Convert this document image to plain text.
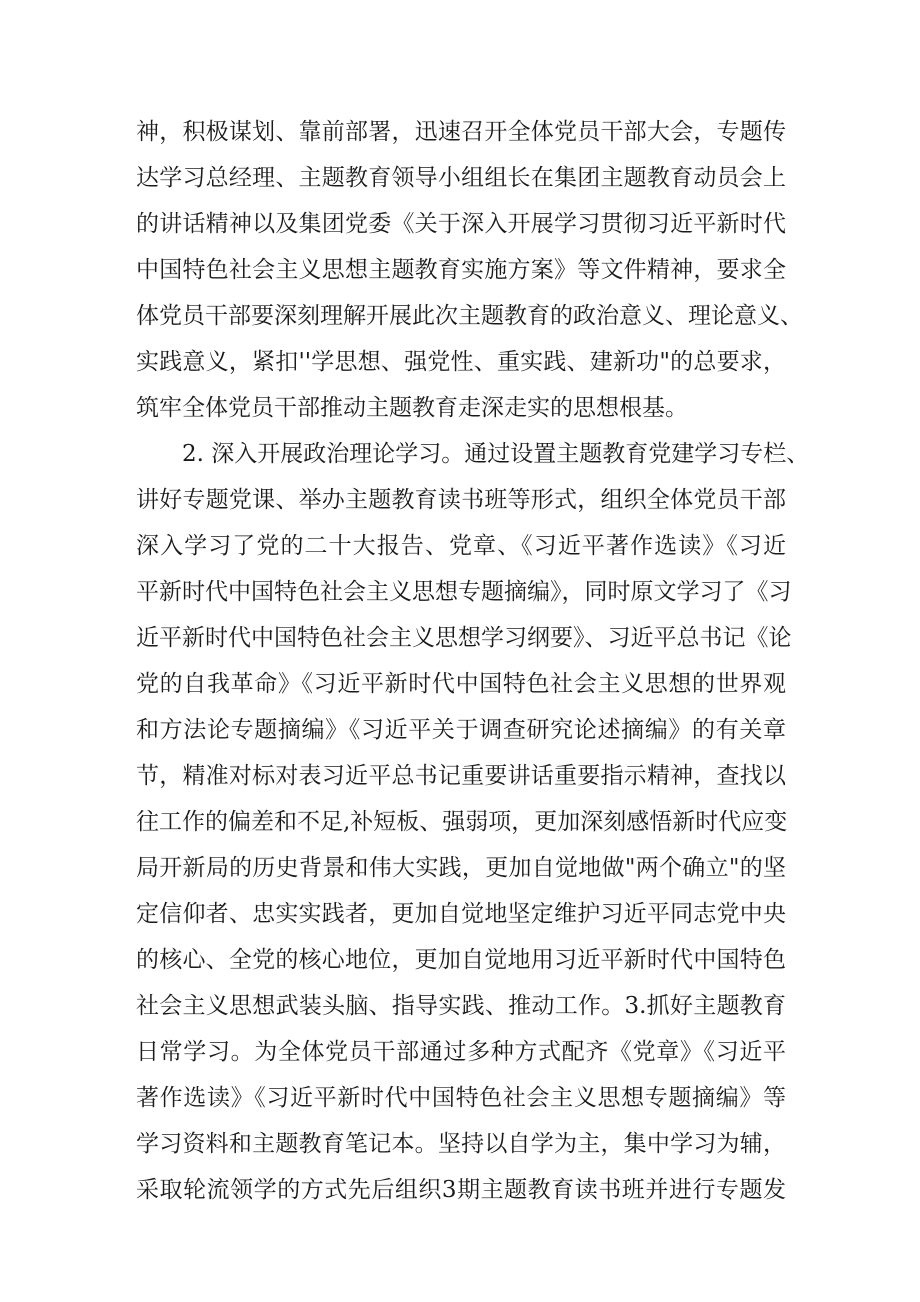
神，积极谋划、靠前部署，迅速召开全体党员干部大会，专题传
达学习总经理、主题教育领导小组组长在集团主题教育动员会上
的讲话精神以及集团党委《关于深入开展学习贯彻习近平新时代
中国特色社会主义思想主题教育实施方案》等文件精神，要求全
体党员干部要深刻理解开展此次主题教育的政治意义、理论意义、
实践意义，紧扣''学思想、强党性、重实践、建新功"的总要求，
筑牢全体党员干部推动主题教育走深走实的思想根基。
2. 深入开展政治理论学习。通过设置主题教育党建学习专栏、
讲好专题党课、举办主题教育读书班等形式，组织全体党员干部
深入学习了党的二十大报告、党章、《习近平著作选读》《习近
平新时代中国特色社会主义思想专题摘编》，同时原文学习了《习
近平新时代中国特色社会主义思想学习纲要》、习近平总书记《论
党的自我革命》《习近平新时代中国特色社会主义思想的世界观
和方法论专题摘编》《习近平关于调查研究论述摘编》的有关章
节，精准对标对表习近平总书记重要讲话重要指示精神，查找以
往工作的偏差和不足,补短板、强弱项，更加深刻感悟新时代应变
局开新局的历史背景和伟大实践，更加自觉地做"两个确立"的坚
定信仰者、忠实实践者，更加自觉地坚定维护习近平同志党中央
的核心、全党的核心地位，更加自觉地用习近平新时代中国特色
社会主义思想武装头脑、指导实践、推动工作。3.抓好主题教育
日常学习。为全体党员干部通过多种方式配齐《党章》《习近平
著作选读》《习近平新时代中国特色社会主义思想专题摘编》等
学习资料和主题教育笔记本。坚持以自学为主，集中学习为辅，
采取轮流领学的方式先后组织3期主题教育读书班并进行专题发
